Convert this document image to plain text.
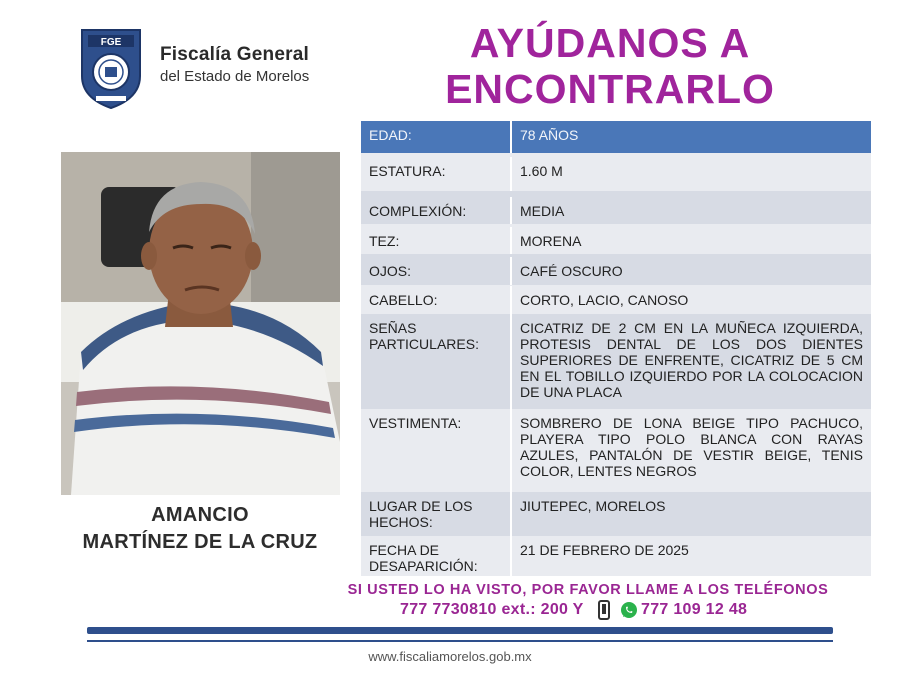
FGE
Fiscalía General
del Estado de Morelos
AYÚDANOS A
ENCONTRARLO
AMANCIO
MARTÍNEZ DE LA CRUZ
EDAD:	78 AÑOS
ESTATURA:	1.60 M
COMPLEXIÓN:	MEDIA
TEZ:	MORENA
OJOS:	CAFÉ OSCURO
CABELLO:	CORTO, LACIO, CANOSO
SEÑAS PARTICULARES:
CICATRIZ DE 2 CM EN LA MUÑECA IZQUIERDA, PROTESIS DENTAL DE LOS DOS DIENTES SUPERIORES DE ENFRENTE, CICATRIZ DE 5 CM EN EL TOBILLO IZQUIERDO POR LA COLOCACION DE UNA PLACA
VESTIMENTA:	SOMBRERO DE LONA BEIGE TIPO PACHUCO, PLAYERA TIPO POLO BLANCA CON RAYAS AZULES, PANTALÓN DE VESTIR BEIGE, TENIS COLOR, LENTES NEGROS
LUGAR DE LOS HECHOS:
JIUTEPEC, MORELOS
FECHA DE DESAPARICIÓN:
21 DE FEBRERO DE 2025
SI USTED LO HA VISTO, POR FAVOR LLAME A LOS TELÉFONOS
777 7730810 ext.: 200 Y	777 109 12 48
www.fiscaliamorelos.gob.mx
